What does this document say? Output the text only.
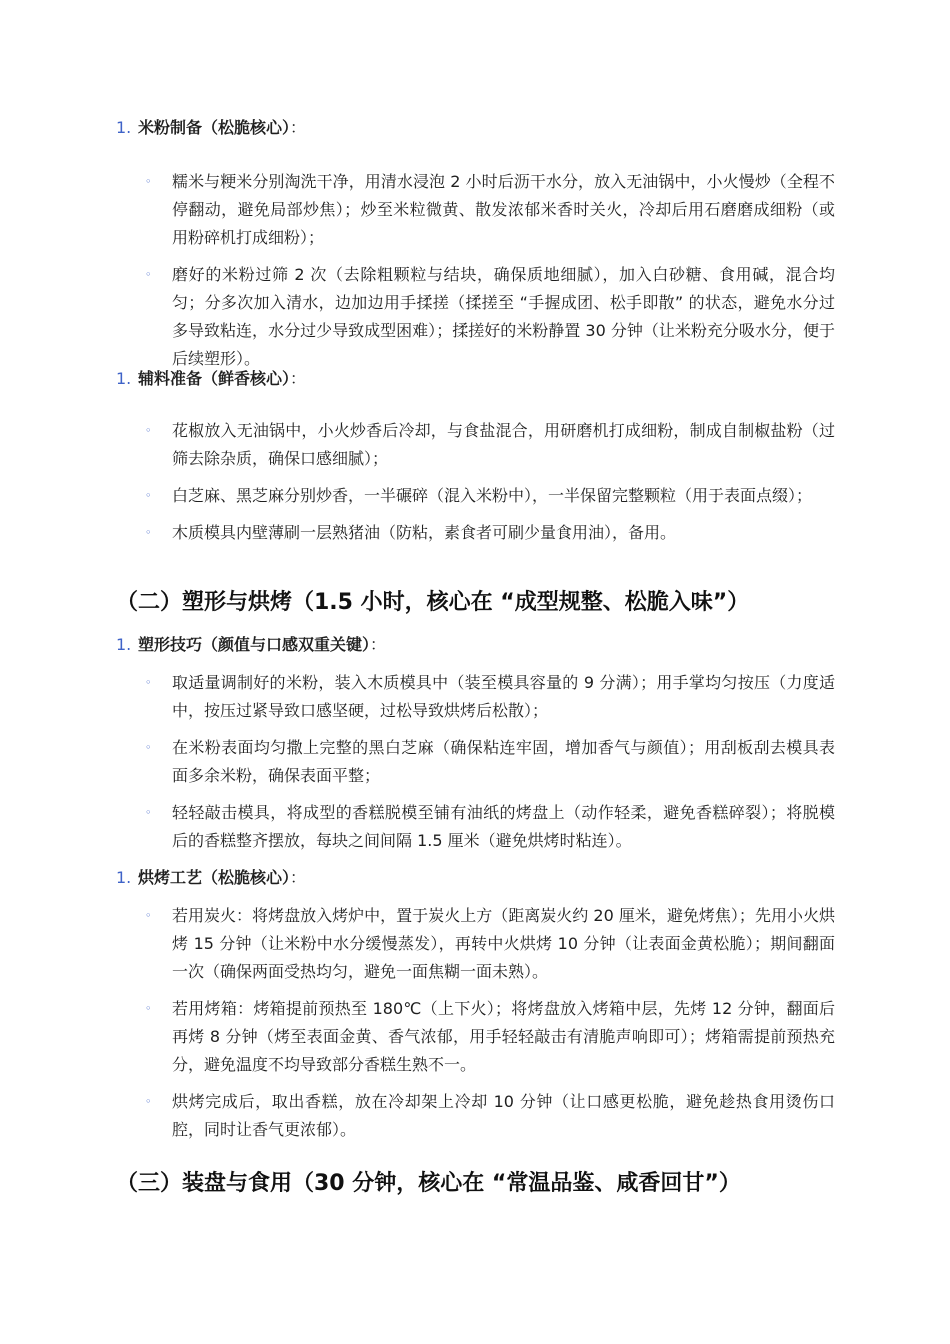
1. 米粉制备（松脆核心）：
◦ 糯米与粳米分别淘洗干净，用清水浸泡 2 小时后沥干水分，放入无油锅中，小火慢炒（全程不停翻动，避免局部炒焦）；炒至米粒微黄、散发浓郁米香时关火，冷却后用石磨磨成细粉（或用粉碎机打成细粉）；
◦ 磨好的米粉过筛 2 次（去除粗颗粒与结块，确保质地细腻），加入白砂糖、食用碱，混合均匀；分多次加入清水，边加边用手揉搓（揉搓至 “手握成团、松手即散” 的状态，避免水分过多导致粘连，水分过少导致成型困难）；揉搓好的米粉静置 30 分钟（让米粉充分吸水分，便于后续塑形）。
1. 辅料准备（鲜香核心）：
◦ 花椒放入无油锅中，小火炒香后冷却，与食盐混合，用研磨机打成细粉，制成自制椒盐粉（过筛去除杂质，确保口感细腻）；
◦ 白芝麻、黑芝麻分别炒香，一半碾碎（混入米粉中），一半保留完整颗粒（用于表面点缀）；
◦ 木质模具内壁薄刷一层熟猪油（防粘，素食者可刷少量食用油），备用。
（二）塑形与烘烤（1.5 小时，核心在 “成型规整、松脆入味”）
1. 塑形技巧（颜值与口感双重关键）：
◦ 取适量调制好的米粉，装入木质模具中（装至模具容量的 9 分满）；用手掌均匀按压（力度适中，按压过紧导致口感坚硬，过松导致烘烤后松散）；
◦ 在米粉表面均匀撒上完整的黑白芝麻（确保粘连牢固，增加香气与颜值）；用刮板刮去模具表面多余米粉，确保表面平整；
◦ 轻轻敲击模具，将成型的香糕脱模至铺有油纸的烤盘上（动作轻柔，避免香糕碎裂）；将脱模后的香糕整齐摆放，每块之间间隔 1.5 厘米（避免烘烤时粘连）。
1. 烘烤工艺（松脆核心）：
◦ 若用炭火：将烤盘放入烤炉中，置于炭火上方（距离炭火约 20 厘米，避免烤焦）；先用小火烘烤 15 分钟（让米粉中水分缓慢蒸发），再转中火烘烤 10 分钟（让表面金黄松脆）；期间翻面一次（确保两面受热均匀，避免一面焦糊一面未熟）。
◦ 若用烤箱：烤箱提前预热至 180℃（上下火）；将烤盘放入烤箱中层，先烤 12 分钟，翻面后再烤 8 分钟（烤至表面金黄、香气浓郁，用手轻轻敲击有清脆声响即可）；烤箱需提前预热充分，避免温度不均导致部分香糕生熟不一。
◦ 烘烤完成后，取出香糕，放在冷却架上冷却 10 分钟（让口感更松脆，避免趁热食用烫伤口腔，同时让香气更浓郁）。
（三）装盘与食用（30 分钟，核心在 “常温品鉴、咸香回甘”）
